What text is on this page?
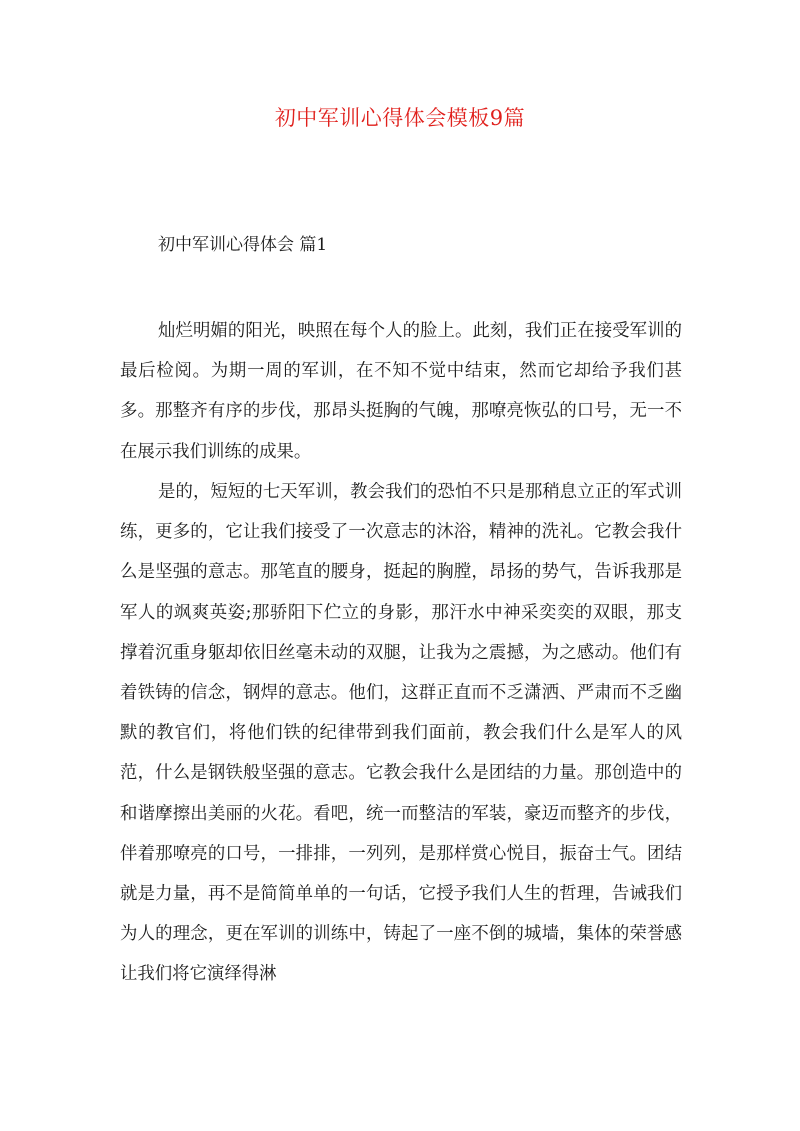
初中军训心得体会模板9篇
初中军训心得体会 篇1

灿烂明媚的阳光，映照在每个人的脸上。此刻，我们正在接受军训的最后检阅。为期一周的军训，在不知不觉中结束，然而它却给予我们甚多。那整齐有序的步伐，那昂头挺胸的气魄，那嘹亮恢弘的口号，无一不在展示我们训练的成果。

是的，短短的七天军训，教会我们的恐怕不只是那稍息立正的军式训练，更多的，它让我们接受了一次意志的沐浴，精神的洗礼。它教会我什么是坚强的意志。那笔直的腰身，挺起的胸膛，昂扬的势气，告诉我那是军人的飒爽英姿;那骄阳下伫立的身影，那汗水中神采奕奕的双眼，那支撑着沉重身躯却依旧丝毫未动的双腿，让我为之震撼，为之感动。他们有着铁铸的信念，钢焊的意志。他们，这群正直而不乏潇洒、严肃而不乏幽默的教官们，将他们铁的纪律带到我们面前，教会我们什么是军人的风范，什么是钢铁般坚强的意志。它教会我什么是团结的力量。那创造中的和谐摩擦出美丽的火花。看吧，统一而整洁的军装，豪迈而整齐的步伐，伴着那嘹亮的口号，一排排，一列列，是那样赏心悦目，振奋士气。团结就是力量，再不是简简单单的一句话，它授予我们人生的哲理，告诫我们为人的理念，更在军训的训练中，铸起了一座不倒的城墙，集体的荣誉感让我们将它演绎得淋
